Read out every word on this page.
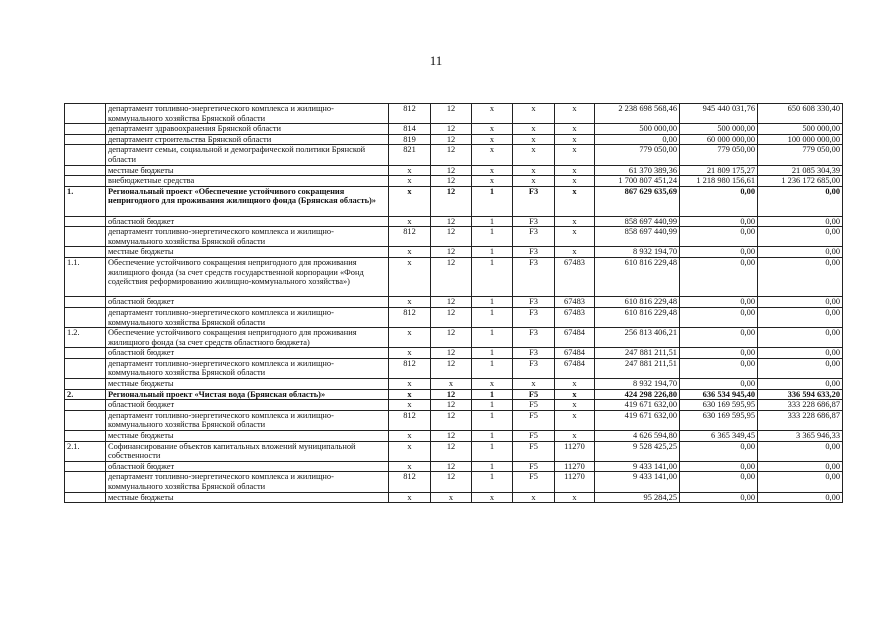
11
	департамент топливно-энергетического комплекса и жилищно-коммунального хозяйства Брянской области	812	12	х	х	х	2 238 698 568,46	945 440 031,76	650 608 330,40
	департамент здравоохранения Брянской области	814	12	х	х	х	500 000,00	500 000,00	500 000,00
	департамент строительства Брянской области	819	12	х	х	х	0,00	60 000 000,00	100 000 000,00
	департамент семьи, социальной и демографической политики Брянской области	821	12	х	х	х	779 050,00	779 050,00	779 050,00
	местные бюджеты	х	12	х	х	х	61 370 389,36	21 809 175,27	21 085 304,39
	внебюджетные средства	х	12	х	х	х	1 700 807 451,24	1 218 980 156,61	1 236 172 685,00
1.	Региональный проект «Обеспечение устойчивого сокращения непригодного для проживания жилищного фонда (Брянская область)»	х	12	1	F3	х	867 629 635,69	0,00	0,00
	областной бюджет	х	12	1	F3	х	858 697 440,99	0,00	0,00
	департамент топливно-энергетического комплекса и жилищно-коммунального хозяйства Брянской области	812	12	1	F3	х	858 697 440,99	0,00	0,00
	местные бюджеты	х	12	1	F3	х	8 932 194,70	0,00	0,00
1.1.	Обеспечение устойчивого сокращения непригодного для проживания жилищного фонда (за счет средств государственной корпорации «Фонд содействия реформированию жилищно-коммунального хозяйства»)	х	12	1	F3	67483	610 816 229,48	0,00	0,00
	областной бюджет	х	12	1	F3	67483	610 816 229,48	0,00	0,00
	департамент топливно-энергетического комплекса и жилищно-коммунального хозяйства Брянской области	812	12	1	F3	67483	610 816 229,48	0,00	0,00
1.2.	Обеспечение устойчивого сокращения непригодного для проживания жилищного фонда (за счет средств областного бюджета)	х	12	1	F3	67484	256 813 406,21	0,00	0,00
	областной бюджет	х	12	1	F3	67484	247 881 211,51	0,00	0,00
	департамент топливно-энергетического комплекса и жилищно-коммунального хозяйства Брянской области	812	12	1	F3	67484	247 881 211,51	0,00	0,00
	местные бюджеты	х	х	х	х	х	8 932 194,70	0,00	0,00
2.	Региональный проект «Чистая вода (Брянская область)»	х	12	1	F5	х	424 298 226,80	636 534 945,40	336 594 633,20
	областной бюджет	х	12	1	F5	х	419 671 632,00	630 169 595,95	333 228 686,87
	департамент топливно-энергетического комплекса и жилищно-коммунального хозяйства Брянской области	812	12	1	F5	х	419 671 632,00	630 169 595,95	333 228 686,87
	местные бюджеты	х	12	1	F5	х	4 626 594,80	6 365 349,45	3 365 946,33
2.1.	Софинансирование объектов капитальных вложений муниципальной собственности	х	12	1	F5	11270	9 528 425,25	0,00	0,00
	областной бюджет	х	12	1	F5	11270	9 433 141,00	0,00	0,00
	департамент топливно-энергетического комплекса и жилищно-коммунального хозяйства Брянской области	812	12	1	F5	11270	9 433 141,00	0,00	0,00
	местные бюджеты	х	х	х	х	х	95 284,25	0,00	0,00
